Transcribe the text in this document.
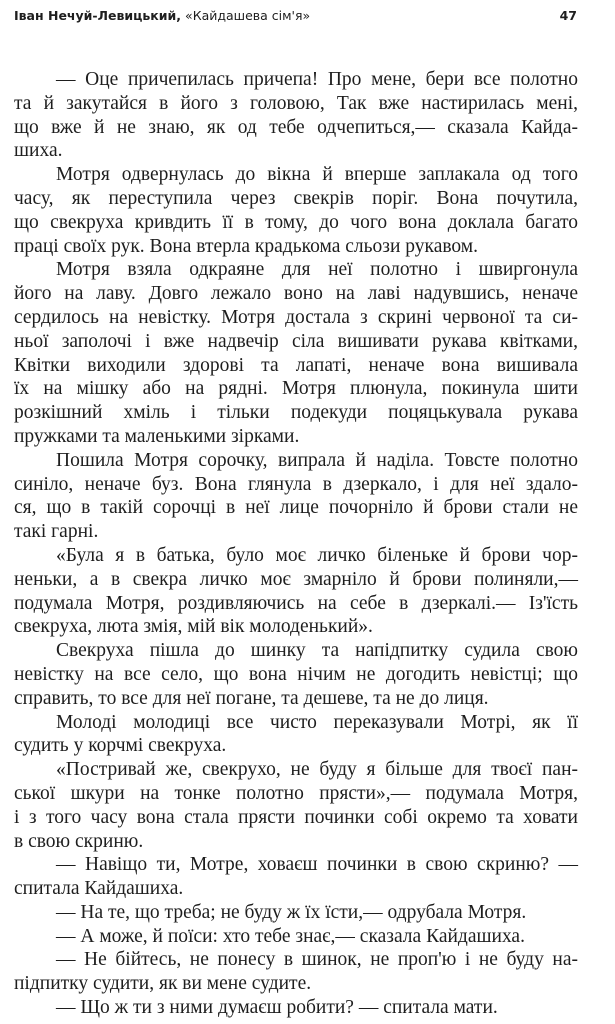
Іван Нечуй-Левицький, «Кайдашева сім'я»	47
— Оце причепилась причепа! Про мене, бери все полотно
та й закутайся в його з головою, Так вже настирилась мені,
що вже й не знаю, як од тебе одчепиться,— сказала Кайда-
шиха.
Мотря одвернулась до вікна й вперше заплакала од того
часу, як переступила через свекрів поріг. Вона почутила,
що свекруха кривдить її в тому, до чого вона доклала багато
праці своїх рук. Вона втерла крадькома сльози рукавом.
Мотря взяла одкраяне для неї полотно і швиргонула
його на лаву. Довго лежало воно на лаві надувшись, неначе
сердилось на невістку. Мотря достала з скрині червоної та си-
ньої заполочі і вже надвечір сіла вишивати рукава квітками,
Квітки виходили здорові та лапаті, неначе вона вишивала
їх на мішку або на рядні. Мотря плюнула, покинула шити
розкішний хміль і тільки подекуди поцяцькувала рукава
пружками та маленькими зірками.
Пошила Мотря сорочку, випрала й наділа. Товсте полотно
синіло, неначе буз. Вона глянула в дзеркало, і для неї здало-
ся, що в такій сорочці в неї лице почорніло й брови стали не
такі гарні.
«Була я в батька, було моє личко біленьке й брови чор-
неньки, а в свекра личко моє змарніло й брови полиняли,—
подумала Мотря, роздивляючись на себе в дзеркалі.— Із'їсть
свекруха, люта змія, мій вік молоденький».
Свекруха пішла до шинку та напідпитку судила свою
невістку на все село, що вона нічим не догодить невістці; що
справить, то все для неї погане, та дешеве, та не до лиця.
Молоді молодиці все чисто переказували Мотрі, як її
судить у корчмі свекруха.
«Постривай же, свекрухо, не буду я більше для твоєї пан-
ської шкури на тонке полотно прясти»,— подумала Мотря,
і з того часу вона стала прясти починки собі окремо та ховати
в свою скриню.
— Навіщо ти, Мотре, ховаєш починки в свою скриню? —
спитала Кайдашиха.
— На те, що треба; не буду ж їх їсти,— одрубала Мотря.
— А може, й поїси: хто тебе знає,— сказала Кайдашиха.
— Не бійтесь, не понесу в шинок, не проп'ю і не буду на-
підпитку судити, як ви мене судите.
— Що ж ти з ними думаєш робити? — спитала мати.
